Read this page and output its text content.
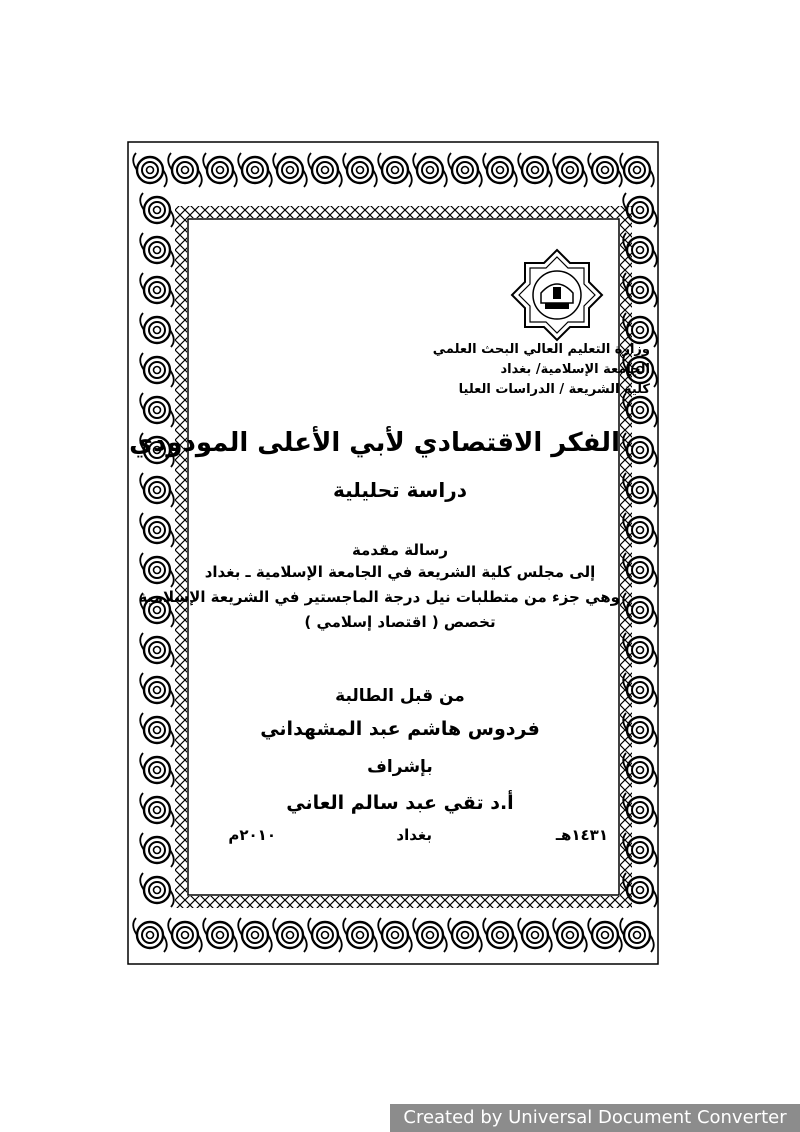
وزارة التعليم العالي البحث العلمي
الجامعة الإسلامية/ بغداد
كلية الشريعة / الدراسات العليا
الفكر الاقتصادي لأبي الأعلى المودودي
دراسة تحليلية
رسالة مقدمة
إلى مجلس كلية الشريعة في الجامعة الإسلامية ـ بغداد
وهي جزء من متطلبات نيل درجة الماجستير في الشريعة الإسلامية
تخصص ( اقتصاد إسلامي )
من قبل الطالبة
فردوس هاشم عبد المشهداني
بإشراف
أ.د تقي عبد سالم العاني
١٤٣١هـ
بغداد
٢٠١٠م
Created by Universal Document Converter
